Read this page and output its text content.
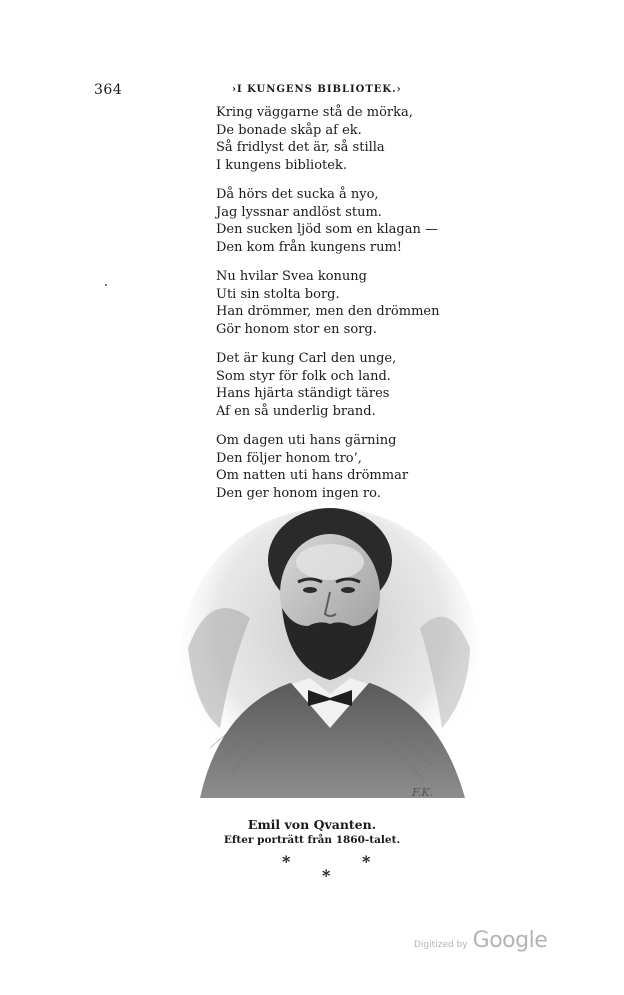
364	›I KUNGENS BIBLIOTEK.›
Kring väggarne stå de mörka,
De bonade skåp af ek.
Så fridlyst det är, så stilla
I kungens bibliotek.
Då hörs det sucka å nyo,
Jag lyssnar andlöst stum.
Den sucken ljöd som en klagan —
Den kom från kungens rum!
Nu hvilar Svea konung
Uti sin stolta borg.
Han drömmer, men den drömmen
Gör honom stor en sorg.
Det är kung Carl den unge,
Som styr för folk och land.
Hans hjärta ständigt täres
Af en så underlig brand.
Om dagen uti hans gärning
Den följer honom tro’,
Om natten uti hans drömmar
Den ger honom ingen ro.
F.K.
Emil von Qvanten.
Efter porträtt från 1860-talet.
*	*
*
Digitized by Google
